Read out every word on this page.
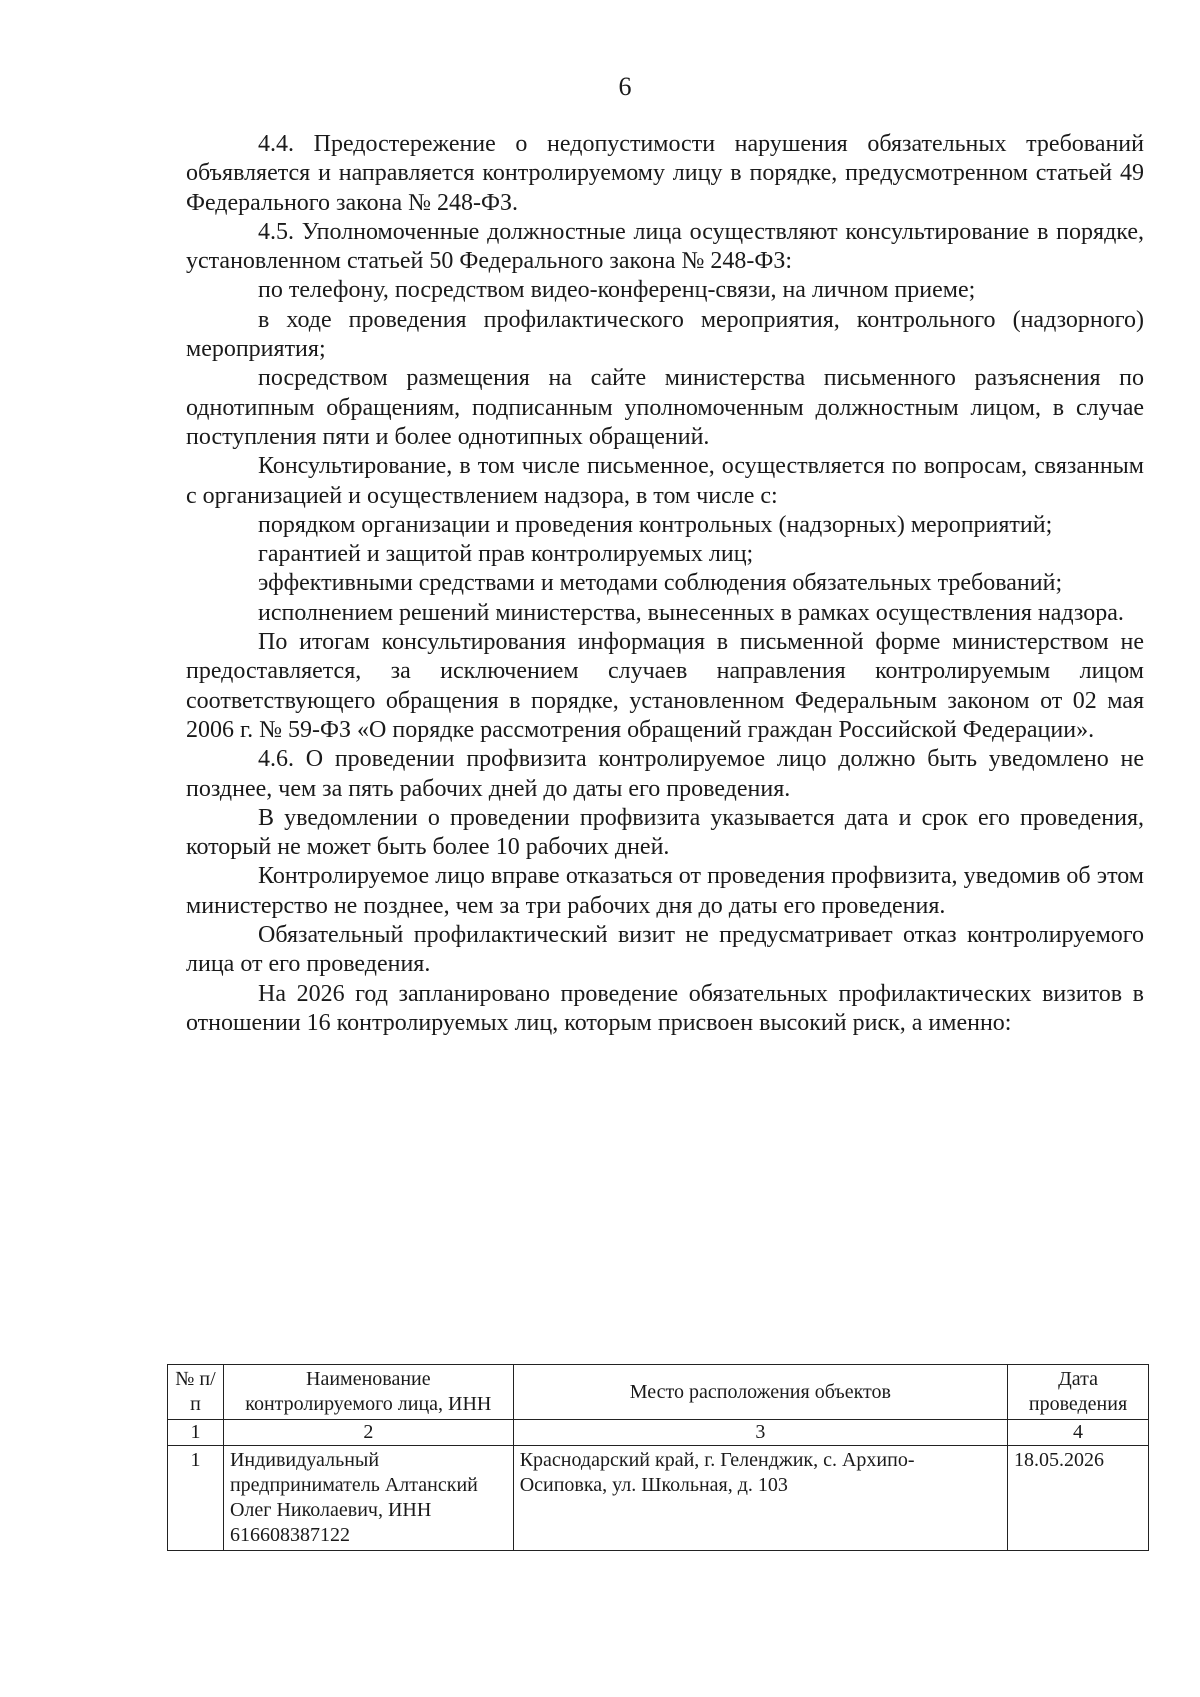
6

4.4. Предостережение о недопустимости нарушения обязательных требований объявляется и направляется контролируемому лицу в порядке, предусмотренном статьей 49 Федерального закона № 248-ФЗ.

4.5. Уполномоченные должностные лица осуществляют консультирование в порядке, установленном статьей 50 Федерального закона № 248-ФЗ:

по телефону, посредством видео-конференц-связи, на личном приеме;

в ходе проведения профилактического мероприятия, контрольного (надзорного) мероприятия;

посредством размещения на сайте министерства письменного разъяснения по однотипным обращениям, подписанным уполномоченным должностным лицом, в случае поступления пяти и более однотипных обращений.

Консультирование, в том числе письменное, осуществляется по вопросам, связанным с организацией и осуществлением надзора, в том числе с:

порядком организации и проведения контрольных (надзорных) мероприятий;

гарантией и защитой прав контролируемых лиц;

эффективными средствами и методами соблюдения обязательных требований;

исполнением решений министерства, вынесенных в рамках осуществления надзора.

По итогам консультирования информация в письменной форме министерством не предоставляется, за исключением случаев направления контролируемым лицом соответствующего обращения в порядке, установленном Федеральным законом от 02 мая 2006 г. № 59-ФЗ «О порядке рассмотрения обращений граждан Российской Федерации».

4.6. О проведении профвизита контролируемое лицо должно быть уведомлено не позднее, чем за пять рабочих дней до даты его проведения.

В уведомлении о проведении профвизита указывается дата и срок его проведения, который не может быть более 10 рабочих дней.

Контролируемое лицо вправе отказаться от проведения профвизита, уведомив об этом министерство не позднее, чем за три рабочих дня до даты его проведения.

Обязательный профилактический визит не предусматривает отказ контролируемого лица от его проведения.

На 2026 год запланировано проведение обязательных профилактических визитов в отношении 16 контролируемых лиц, которым присвоен высокий риск, а именно:

№ п/п	Наименование контролируемого лица, ИНН	Место расположения объектов	Дата проведения
1	2	3	4
1	Индивидуальный предприниматель Алтанский Олег Николаевич, ИНН 616608387122	Краснодарский край, г. Геленджик, с. Архипо-Осиповка, ул. Школьная, д. 103	18.05.2026
